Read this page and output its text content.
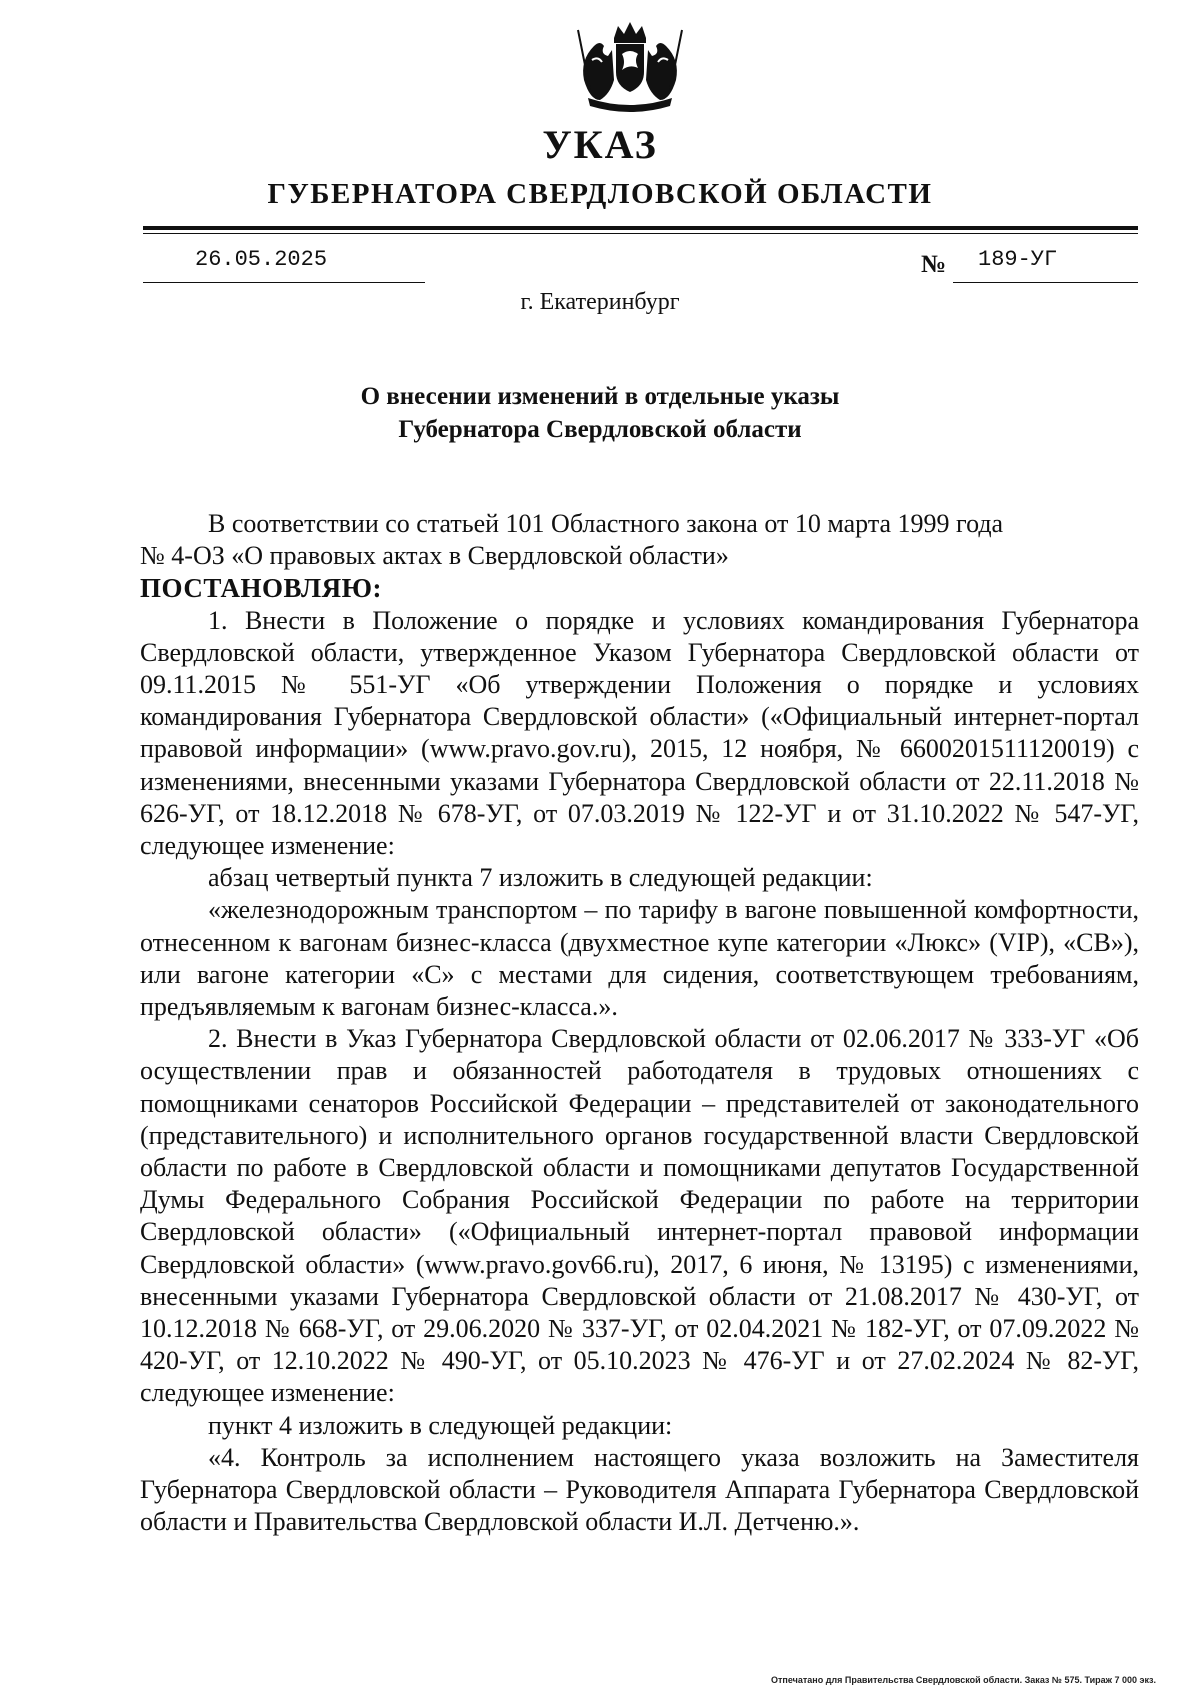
УКАЗ
ГУБЕРНАТОРА СВЕРДЛОВСКОЙ ОБЛАСТИ
26.05.2025	№ 189-УГ
г. Екатеринбург
О внесении изменений в отдельные указы
Губернатора Свердловской области

В соответствии со статьей 101 Областного закона от 10 марта 1999 года

№ 4-ОЗ «О правовых актах в Свердловской области»

ПОСТАНОВЛЯЮ:

1. Внести в Положение о порядке и условиях командирования Губернатора Свердловской области, утвержденное Указом Губернатора Свердловской области от 09.11.2015 № 551-УГ «Об утверждении Положения о порядке и условиях командирования Губернатора Свердловской области» («Официальный интернет-портал правовой информации» (www.pravo.gov.ru), 2015, 12 ноября, № 6600201511120019) с изменениями, внесенными указами Губернатора Свердловской области от 22.11.2018 № 626-УГ, от 18.12.2018 № 678-УГ, от 07.03.2019 № 122-УГ и от 31.10.2022 № 547-УГ, следующее изменение:

абзац четвертый пункта 7 изложить в следующей редакции:

«железнодорожным транспортом – по тарифу в вагоне повышенной комфортности, отнесенном к вагонам бизнес-класса (двухместное купе категории «Люкс» (VIP), «СВ»), или вагоне категории «С» с местами для сидения, соответствующем требованиям, предъявляемым к вагонам бизнес-класса.».

2. Внести в Указ Губернатора Свердловской области от 02.06.2017 № 333-УГ «Об осуществлении прав и обязанностей работодателя в трудовых отношениях с помощниками сенаторов Российской Федерации – представителей от законодательного (представительного) и исполнительного органов государственной власти Свердловской области по работе в Свердловской области и помощниками депутатов Государственной Думы Федерального Собрания Российской Федерации по работе на территории Свердловской области» («Официальный интернет-портал правовой информации Свердловской области» (www.pravo.gov66.ru), 2017, 6 июня, № 13195) с изменениями, внесенными указами Губернатора Свердловской области от 21.08.2017 № 430-УГ, от 10.12.2018 № 668-УГ, от 29.06.2020 № 337-УГ, от 02.04.2021 № 182-УГ, от 07.09.2022 № 420-УГ, от 12.10.2022 № 490-УГ, от 05.10.2023 № 476-УГ и от 27.02.2024 № 82-УГ, следующее изменение:

пункт 4 изложить в следующей редакции:

«4. Контроль за исполнением настоящего указа возложить на Заместителя Губернатора Свердловской области – Руководителя Аппарата Губернатора Свердловской области и Правительства Свердловской области И.Л. Детченю.».

Отпечатано для Правительства Свердловской области. Заказ № 575. Тираж 7 000 экз.
